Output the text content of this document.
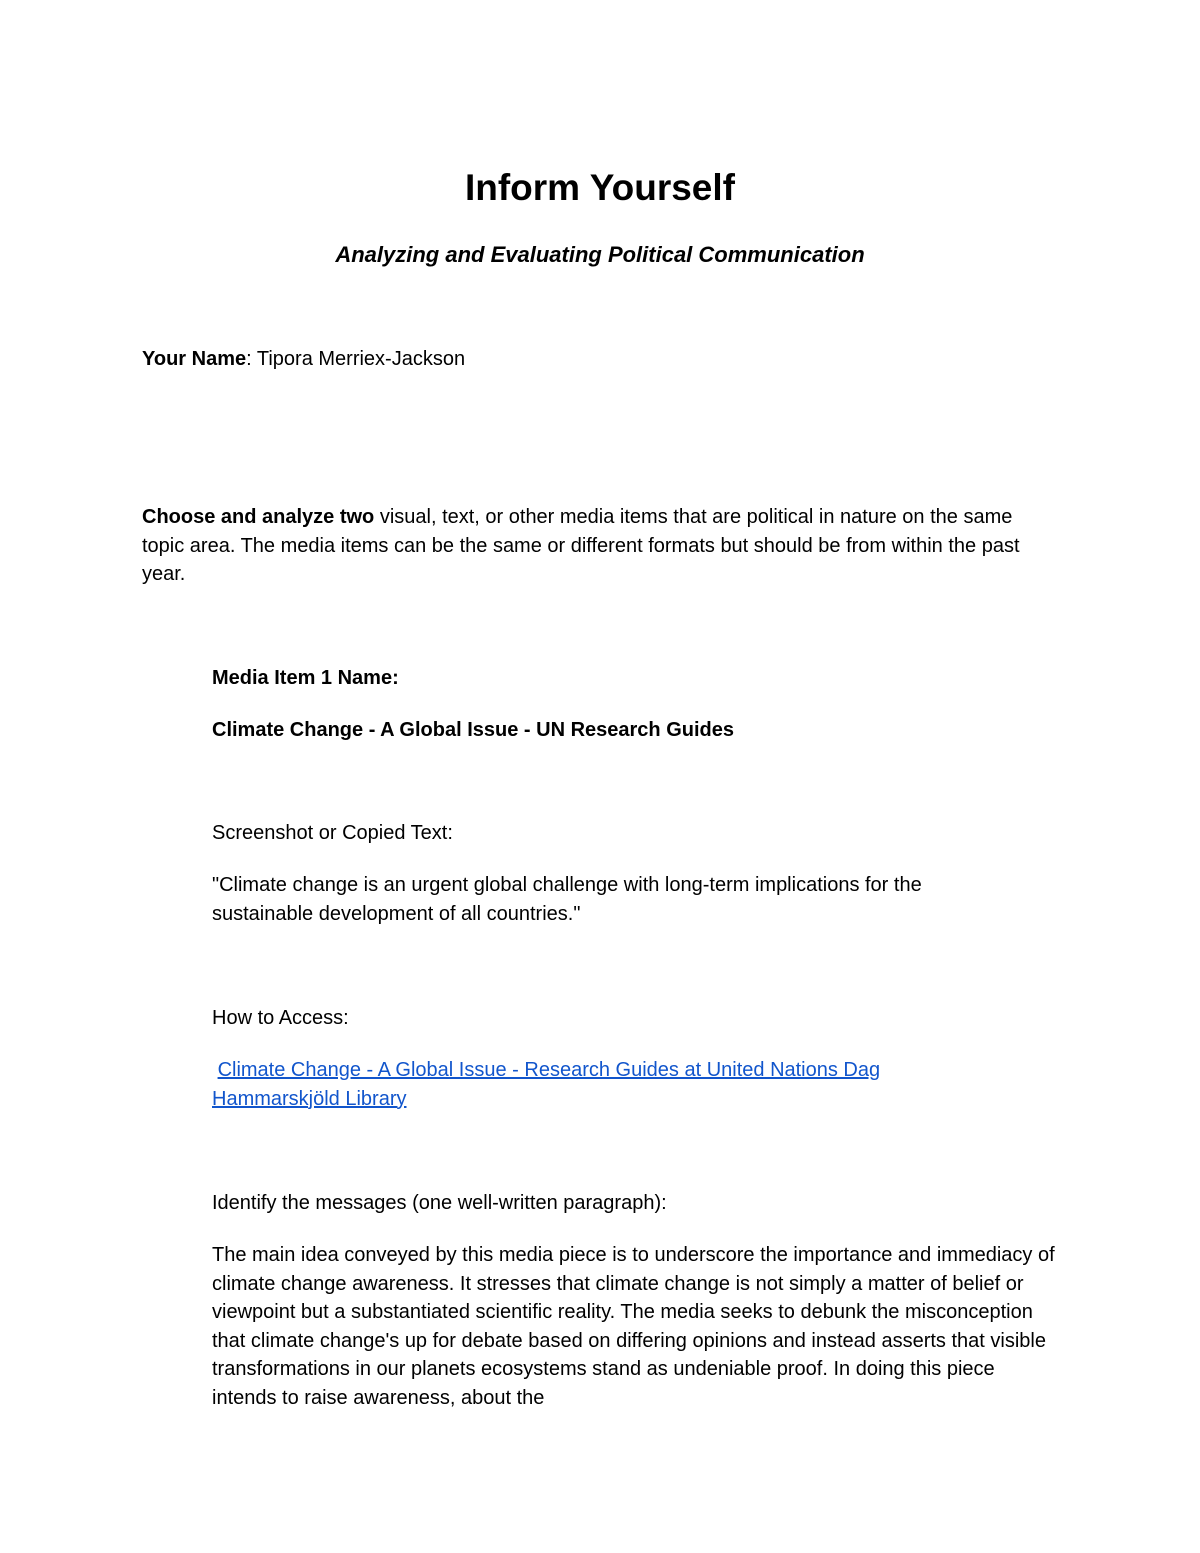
Inform Yourself

Analyzing and Evaluating Political Communication

Your Name: Tipora Merriex-Jackson

Choose and analyze two visual, text, or other media items that are political in nature on the same topic area. The media items can be the same or different formats but should be from within the past year.

Media Item 1 Name:

Climate Change - A Global Issue - UN Research Guides

Screenshot or Copied Text:

"Climate change is an urgent global challenge with long-term implications for the sustainable development of all countries."

How to Access:

Climate Change - A Global Issue - Research Guides at United Nations Dag Hammarskjöld Library

Identify the messages (one well-written paragraph):

The main idea conveyed by this media piece is to underscore the importance and immediacy of climate change awareness. It stresses that climate change is not simply a matter of belief or viewpoint but a substantiated scientific reality. The media seeks to debunk the misconception that climate change's up for debate based on differing opinions and instead asserts that visible transformations in our planets ecosystems stand as undeniable proof. In doing this piece intends to raise awareness, about the
